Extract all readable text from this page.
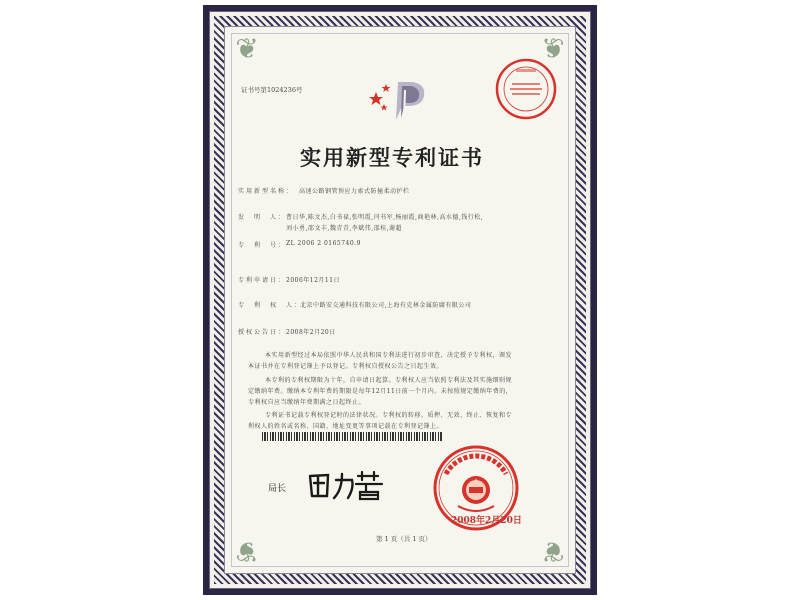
❦	❦
❦	❦
证书号第1024236号
实用新型专利证书
实用新型名称： 高速公路钢管预应力索式防撞柔动护栏
发　明　人： 曹日华,陈文杰,白书禄,张明霞,闫书军,杨丽霞,商艳林,高水德,钱行松,
刘小勇,邵文丰,魏青青,李斌伟,邵桂,谢超
专　利　号： ZL 2006 2 0165740.9
专利申请日： 2006年12月11日
专　利　权　人：
北京中路安交通科技有限公司,上海有克林金属防腐有限公司
授权公告日： 2008年2月20日
本实用新型经过本局依照中华人民共和国专利法进行初步审查，决定授予专利权，颁发
本证书并在专利登记簿上予以登记。专利权自授权公告之日起生效。
本专利的专利权期限为十年，自申请日起算。专利权人应当依照专利法及其实施细则规
定缴纳年费。缴纳本专利年费的期限是每年12月11日前一个月内。未按照规定缴纳年费的，
专利权自应当缴纳年费期满之日起终止。
专利证书记载专利权登记时的法律状况。专利权的转移、质押、无效、终止、恢复和专
利权人的姓名或名称、国籍、地址变更等事项记载在专利登记簿上。
局长
2008年2月20日
第 1 页（共 1 页）
